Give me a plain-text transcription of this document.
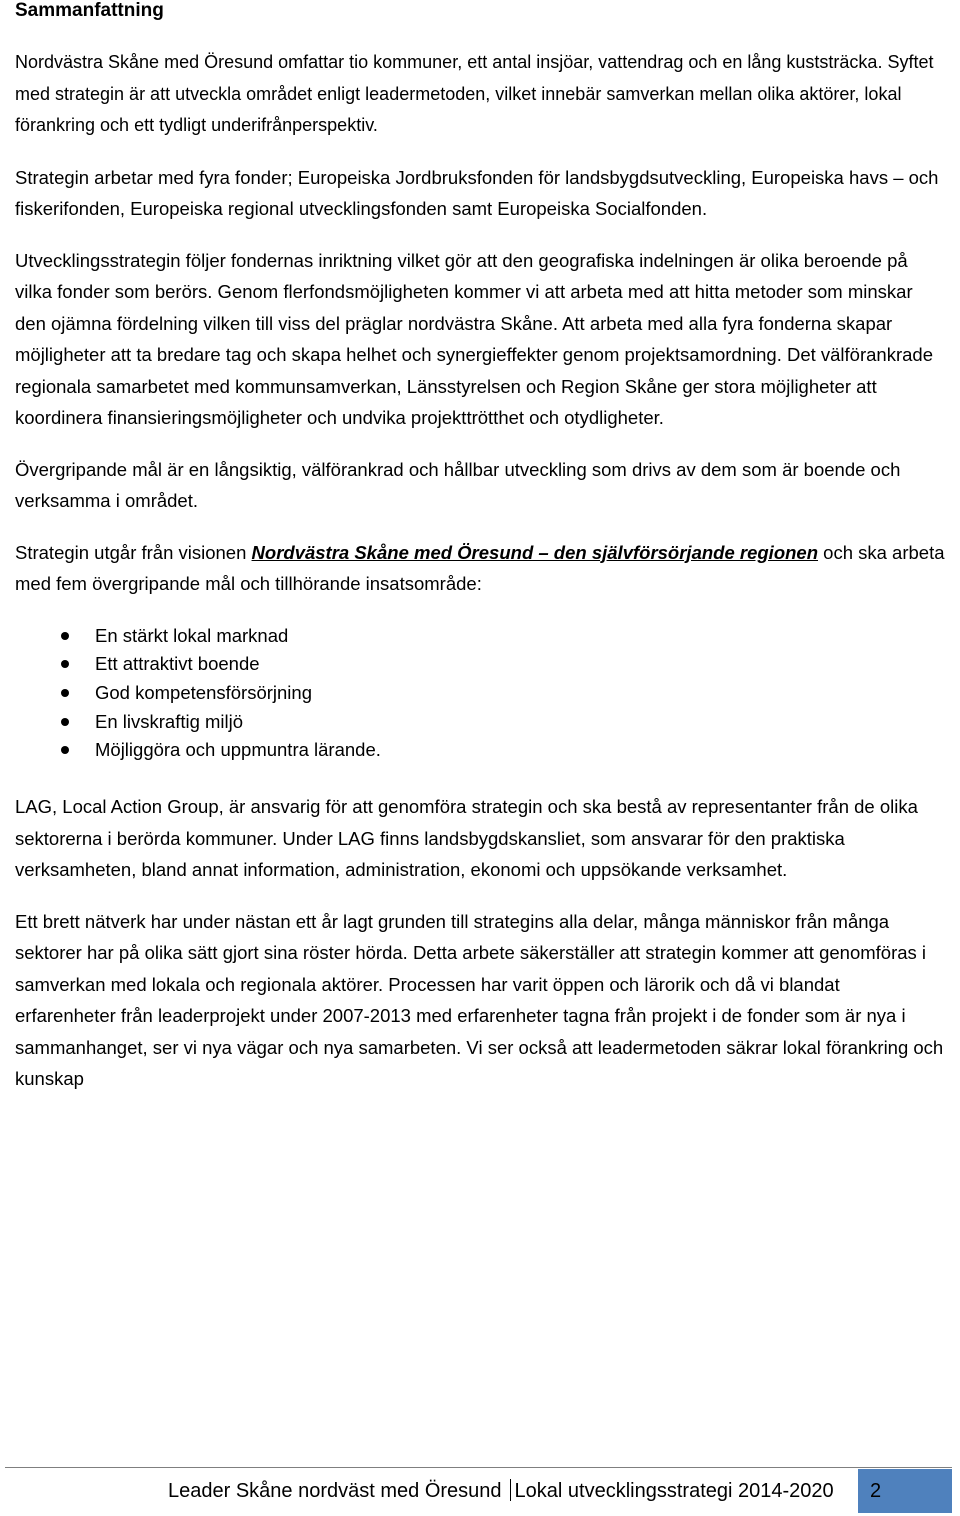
Sammanfattning

Nordvästra Skåne med Öresund omfattar tio kommuner, ett antal insjöar, vattendrag och en lång kuststräcka. Syftet med strategin är att utveckla området enligt leadermetoden, vilket innebär samverkan mellan olika aktörer, lokal förankring och ett tydligt underifrånperspektiv.

Strategin arbetar med fyra fonder; Europeiska Jordbruksfonden för landsbygdsutveckling, Europeiska havs – och fiskerifonden, Europeiska regional utvecklingsfonden samt Europeiska Socialfonden.

Utvecklingsstrategin följer fondernas inriktning vilket gör att den geografiska indelningen är olika beroende på vilka fonder som berörs. Genom flerfondsmöjligheten kommer vi att arbeta med att hitta metoder som minskar den ojämna fördelning vilken till viss del präglar nordvästra Skåne. Att arbeta med alla fyra fonderna skapar möjligheter att ta bredare tag och skapa helhet och synergieffekter genom projektsamordning. Det välförankrade regionala samarbetet med kommunsamverkan, Länsstyrelsen och Region Skåne ger stora möjligheter att koordinera finansieringsmöjligheter och undvika projekttrötthet och otydligheter.

Övergripande mål är en långsiktig, välförankrad och hållbar utveckling som drivs av dem som är boende och verksamma i området.

Strategin utgår från visionen Nordvästra Skåne med Öresund – den självförsörjande regionen och ska arbeta med fem övergripande mål och tillhörande insatsområde:

En stärkt lokal marknad
Ett attraktivt boende
God kompetensförsörjning
En livskraftig miljö
Möjliggöra och uppmuntra lärande.

LAG, Local Action Group, är ansvarig för att genomföra strategin och ska bestå av representanter från de olika sektorerna i berörda kommuner. Under LAG finns landsbygdskansliet, som ansvarar för den praktiska verksamheten, bland annat information, administration, ekonomi och uppsökande verksamhet.

Ett brett nätverk har under nästan ett år lagt grunden till strategins alla delar, många människor från många sektorer har på olika sätt gjort sina röster hörda. Detta arbete säkerställer att strategin kommer att genomföras i samverkan med lokala och regionala aktörer. Processen har varit öppen och lärorik och då vi blandat erfarenheter från leaderprojekt under 2007-2013 med erfarenheter tagna från projekt i de fonder som är nya i sammanhanget, ser vi nya vägar och nya samarbeten. Vi ser också att leadermetoden säkrar lokal förankring och kunskap

Leader Skåne nordväst med Öresund Lokal utvecklingsstrategi 2014-2020 2
